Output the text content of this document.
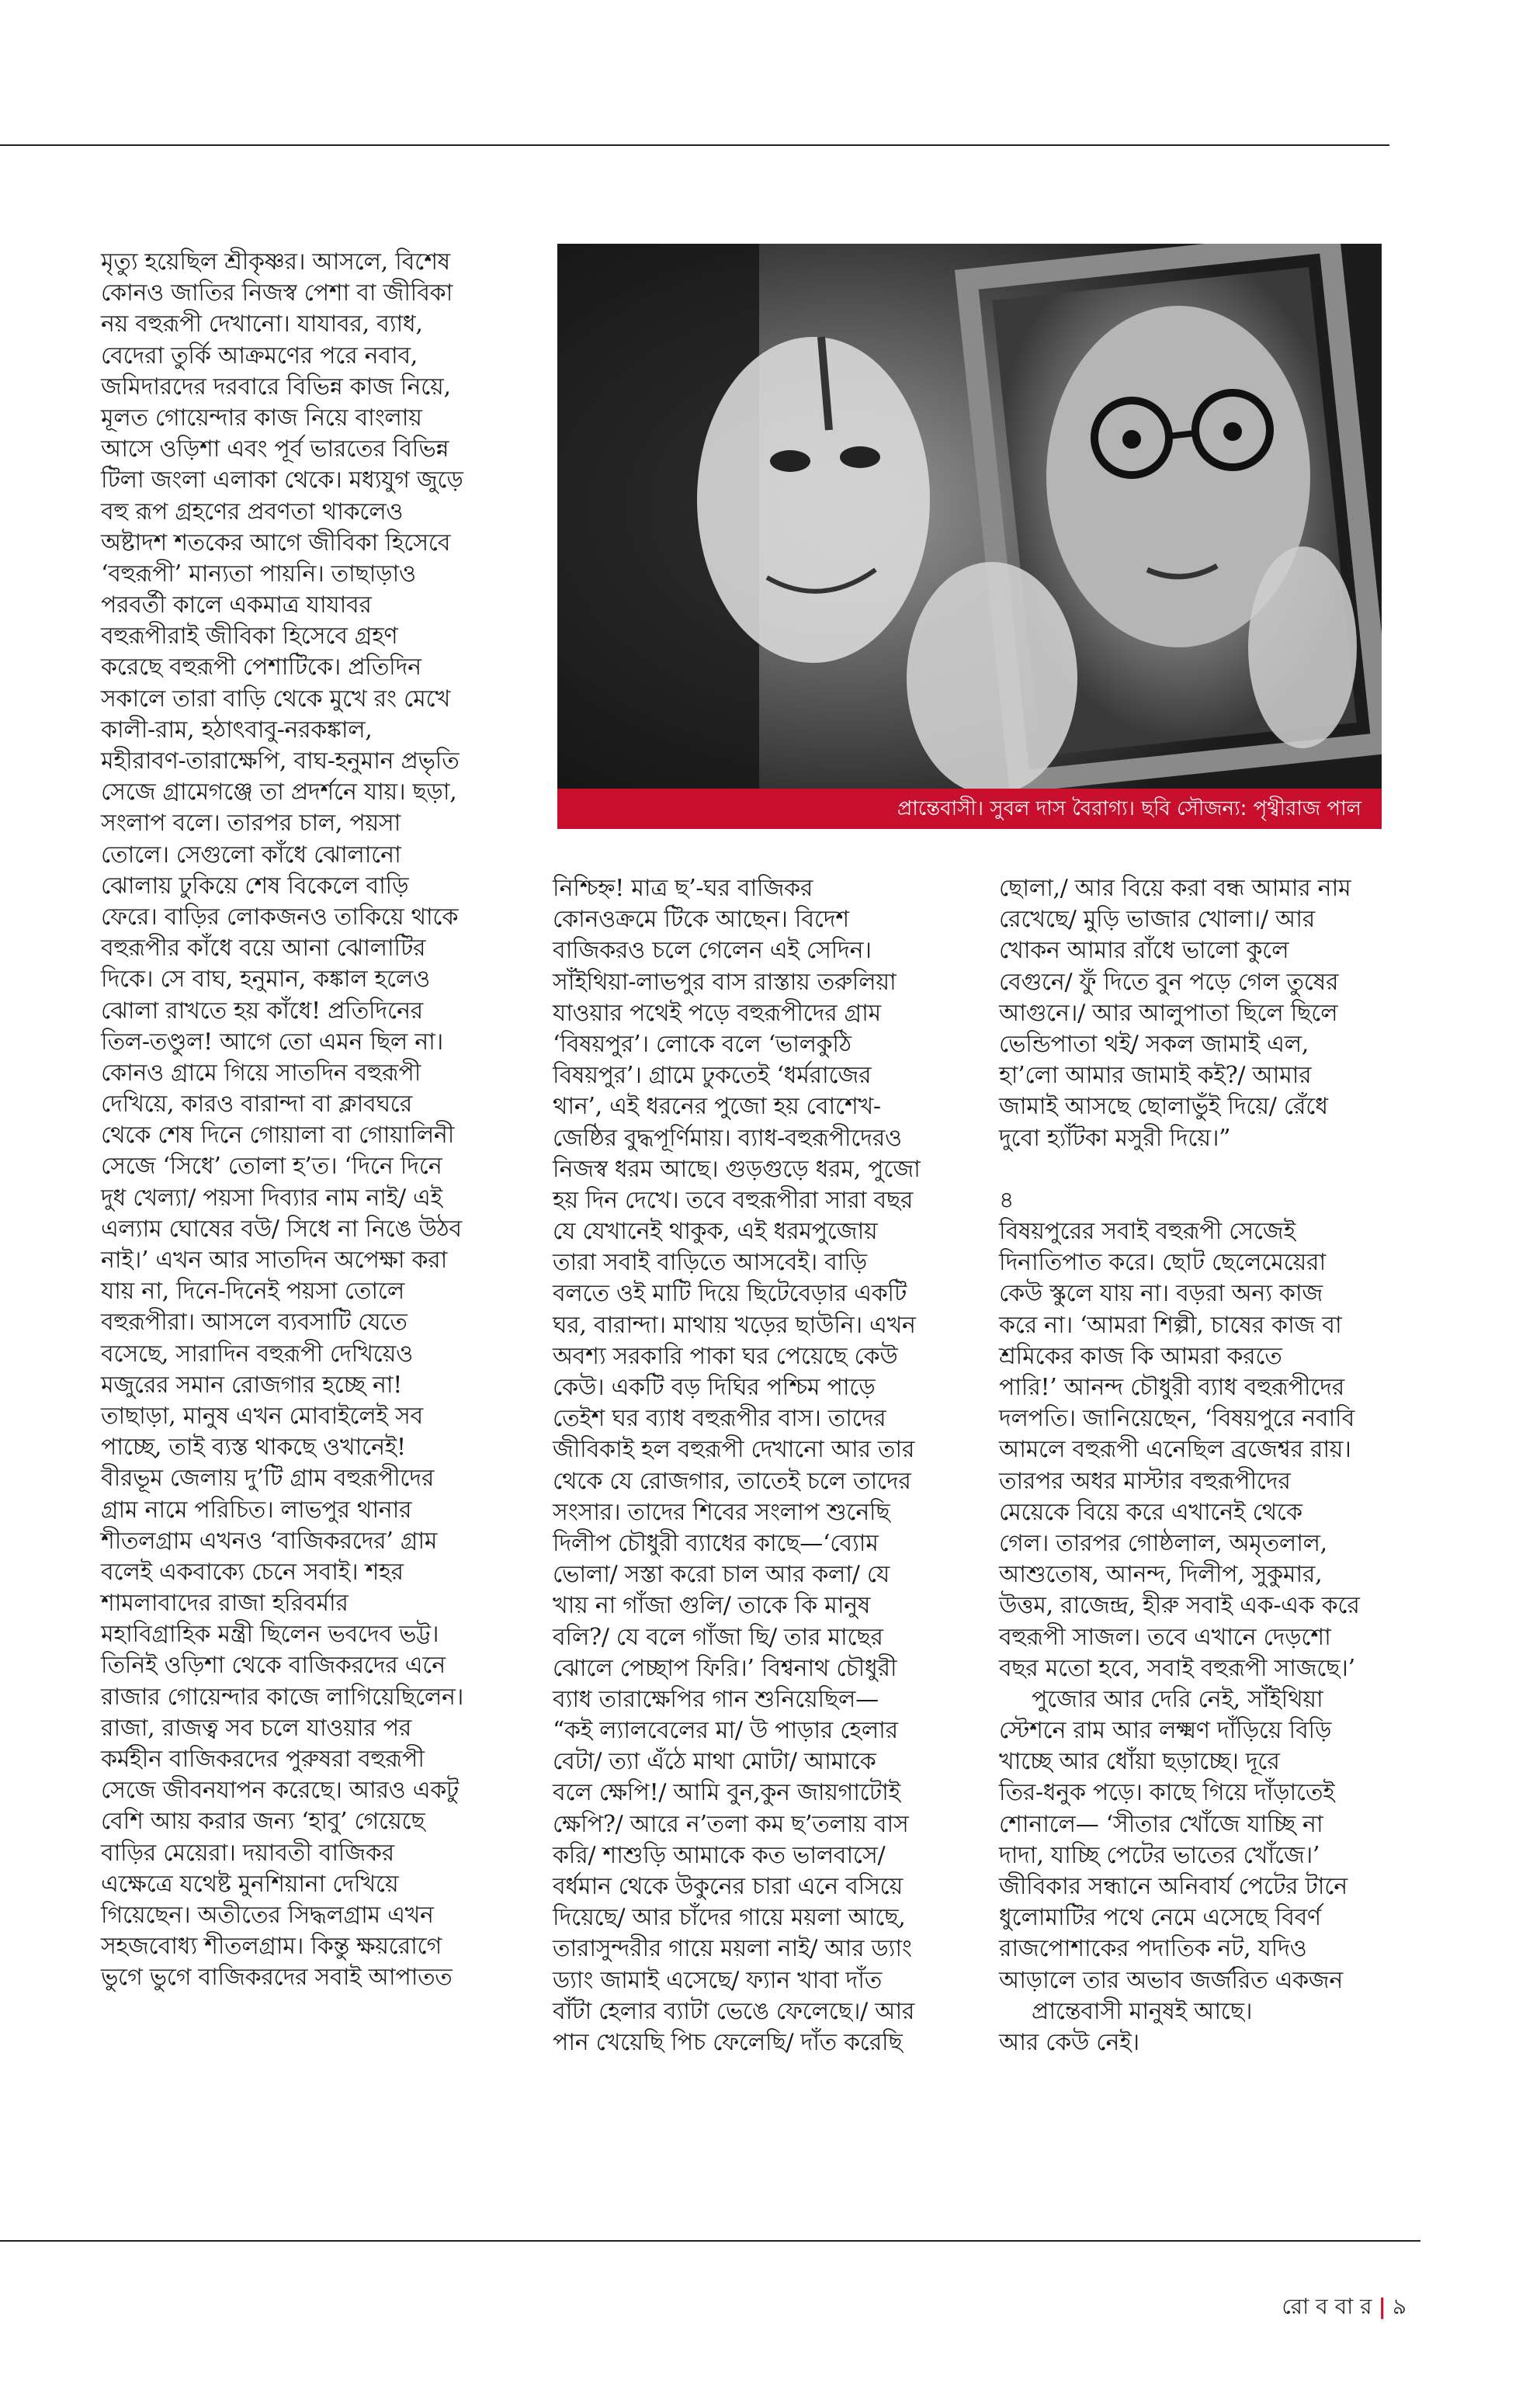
মৃত্যু হয়েছিল শ্রীকৃষ্ণর। আসলে, বিশেষ
কোনও জাতির নিজস্ব পেশা বা জীবিকা
নয় বহুরূপী দেখানো। যাযাবর, ব্যাধ,
বেদেরা তুর্কি আক্রমণের পরে নবাব,
জমিদারদের দরবারে বিভিন্ন কাজ নিয়ে,
মূলত গোয়েন্দার কাজ নিয়ে বাংলায়
আসে ওড়িশা এবং পূর্ব ভারতের বিভিন্ন
টিলা জংলা এলাকা থেকে। মধ্যযুগ জুড়ে
বহু রূপ গ্রহণের প্রবণতা থাকলেও
অষ্টাদশ শতকের আগে জীবিকা হিসেবে
‘বহুরূপী’ মান্যতা পায়নি। তাছাড়াও
পরবর্তী কালে একমাত্র যাযাবর
বহুরূপীরাই জীবিকা হিসেবে গ্রহণ
করেছে বহুরূপী পেশাটিকে। প্রতিদিন
সকালে তারা বাড়ি থেকে মুখে রং মেখে
কালী-রাম, হঠাৎবাবু-নরকঙ্কাল,
মহীরাবণ-তারাক্ষেপি, বাঘ-হনুমান প্রভৃতি
সেজে গ্রামেগঞ্জে তা প্রদর্শনে যায়। ছড়া,
সংলাপ বলে। তারপর চাল, পয়সা
তোলে। সেগুলো কাঁধে ঝোলানো
ঝোলায় ঢুকিয়ে শেষ বিকেলে বাড়ি
ফেরে। বাড়ির লোকজনও তাকিয়ে থাকে
বহুরূপীর কাঁধে বয়ে আনা ঝোলাটির
দিকে। সে বাঘ, হনুমান, কঙ্কাল হলেও
ঝোলা রাখতে হয় কাঁধে! প্রতিদিনের
তিল-তণ্ডুল! আগে তো এমন ছিল না।
কোনও গ্রামে গিয়ে সাতদিন বহুরূপী
দেখিয়ে, কারও বারান্দা বা ক্লাবঘরে
থেকে শেষ দিনে গোয়ালা বা গোয়ালিনী
সেজে ‘সিধে’ তোলা হ’ত। ‘দিনে দিনে
দুধ খেল্যা/ পয়সা দিব্যার নাম নাই/ এই
এল্যাম ঘোষের বউ/ সিধে না নিঙে উঠব
নাই।’ এখন আর সাতদিন অপেক্ষা করা
যায় না, দিনে-দিনেই পয়সা তোলে
বহুরূপীরা। আসলে ব্যবসাটি যেতে
বসেছে, সারাদিন বহুরূপী দেখিয়েও
মজুরের সমান রোজগার হচ্ছে না!
তাছাড়া, মানুষ এখন মোবাইলেই সব
পাচ্ছে, তাই ব্যস্ত থাকছে ওখানেই!
বীরভূম জেলায় দু’টি গ্রাম বহুরূপীদের
গ্রাম নামে পরিচিত। লাভপুর থানার
শীতলগ্রাম এখনও ‘বাজিকরদের’ গ্রাম
বলেই একবাক্যে চেনে সবাই। শহর
শামলাবাদের রাজা হরিবর্মার
মহাবিগ্রাহিক মন্ত্রী ছিলেন ভবদেব ভট্ট।
তিনিই ওড়িশা থেকে বাজিকরদের এনে
রাজার গোয়েন্দার কাজে লাগিয়েছিলেন।
রাজা, রাজত্ব সব চলে যাওয়ার পর
কর্মহীন বাজিকরদের পুরুষরা বহুরূপী
সেজে জীবনযাপন করেছে। আরও একটু
বেশি আয় করার জন্য ‘হাবু’ গেয়েছে
বাড়ির মেয়েরা। দয়াবতী বাজিকর
এক্ষেত্রে যথেষ্ট মুনশিয়ানা দেখিয়ে
গিয়েছেন। অতীতের সিদ্ধলগ্রাম এখন
সহজবোধ্য শীতলগ্রাম। কিন্তু ক্ষয়রোগে
ভুগে ভুগে বাজিকরদের সবাই আপাতত
প্রান্তেবাসী। সুবল দাস বৈরাগ্য। ছবি সৌজন্য: পৃথ্বীরাজ পাল
নিশ্চিহ্ন! মাত্র ছ’-ঘর বাজিকর
কোনওক্রমে টিকে আছেন। বিদেশ
বাজিকরও চলে গেলেন এই সেদিন।
সাঁইথিয়া-লাভপুর বাস রাস্তায় তরুলিয়া
যাওয়ার পথেই পড়ে বহুরূপীদের গ্রাম
‘বিষয়পুর’। লোকে বলে ‘ভালকুঠি
বিষয়পুর’। গ্রামে ঢুকতেই ‘ধর্মরাজের
থান’, এই ধরনের পুজো হয় বোশেখ-
জেষ্ঠির বুদ্ধপূর্ণিমায়। ব্যাধ-বহুরূপীদেরও
নিজস্ব ধরম আছে। গুড়গুড়ে ধরম, পুজো
হয় দিন দেখে। তবে বহুরূপীরা সারা বছর
যে যেখানেই থাকুক, এই ধরমপুজোয়
তারা সবাই বাড়িতে আসবেই। বাড়ি
বলতে ওই মাটি দিয়ে ছিটেবেড়ার একটি
ঘর, বারান্দা। মাথায় খড়ের ছাউনি। এখন
অবশ্য সরকারি পাকা ঘর পেয়েছে কেউ
কেউ। একটি বড় দিঘির পশ্চিম পাড়ে
তেইশ ঘর ব্যাধ বহুরূপীর বাস। তাদের
জীবিকাই হল বহুরূপী দেখানো আর তার
থেকে যে রোজগার, তাতেই চলে তাদের
সংসার। তাদের শিবের সংলাপ শুনেছি
দিলীপ চৌধুরী ব্যাধের কাছে—‘ব্যোম
ভোলা/ সস্তা করো চাল আর কলা/ যে
খায় না গাঁজা গুলি/ তাকে কি মানুষ
বলি?/ যে বলে গাঁজা ছি/ তার মাছের
ঝোলে পেচ্ছাপ ফিরি।’ বিশ্বনাথ চৌধুরী
ব্যাধ তারাক্ষেপির গান শুনিয়েছিল—
“কই ল্যালবেলের মা/ উ পাড়ার হেলার
বেটা/ ত্যা এঁঠে মাথা মোটা/ আমাকে
বলে ক্ষেপি!/ আমি বুন,কুন জায়গাটোই
ক্ষেপি?/ আরে ন’তলা কম ছ’তলায় বাস
করি/ শাশুড়ি আমাকে কত ভালবাসে/
বর্ধমান থেকে উকুনের চারা এনে বসিয়ে
দিয়েছে/ আর চাঁদের গায়ে ময়লা আছে,
তারাসুন্দরীর গায়ে ময়লা নাই/ আর ড্যাং
ড্যাং জামাই এসেছে/ ফ্যান খাবা দাঁত
বাঁটা হেলার ব্যাটা ভেঙে ফেলেছে।/ আর
পান খেয়েছি পিচ ফেলেছি/ দাঁত করেছি
ছোলা,/ আর বিয়ে করা বন্ধ আমার নাম
রেখেছে/ মুড়ি ভাজার খোলা।/ আর
খোকন আমার রাঁধে ভালো কুলে
বেগুনে/ ফুঁ দিতে বুন পড়ে গেল তুষের
আগুনে।/ আর আলুপাতা ছিলে ছিলে
ভেন্ডিপাতা থই/ সকল জামাই এল,
হা’লো আমার জামাই কই?/ আমার
জামাই আসছে ছোলাভুঁই দিয়ে/ রেঁধে
দুবো হ্যাঁটকা মসুরী দিয়ে।”
৪
বিষয়পুরের সবাই বহুরূপী সেজেই
দিনাতিপাত করে। ছোট ছেলেমেয়েরা
কেউ স্কুলে যায় না। বড়রা অন্য কাজ
করে না। ‘আমরা শিল্পী, চাষের কাজ বা
শ্রমিকের কাজ কি আমরা করতে
পারি!’ আনন্দ চৌধুরী ব্যাধ বহুরূপীদের
দলপতি। জানিয়েছেন, ‘বিষয়পুরে নবাবি
আমলে বহুরূপী এনেছিল ব্রজেশ্বর রায়।
তারপর অধর মাস্টার বহুরূপীদের
মেয়েকে বিয়ে করে এখানেই থেকে
গেল। তারপর গোষ্ঠলাল, অমৃতলাল,
আশুতোষ, আনন্দ, দিলীপ, সুকুমার,
উত্তম, রাজেন্দ্র, হীরু সবাই এক-এক করে
বহুরূপী সাজল। তবে এখানে দেড়শো
বছর মতো হবে, সবাই বহুরূপী সাজছে।’
পুজোর আর দেরি নেই, সাঁইথিয়া
স্টেশনে রাম আর লক্ষ্মণ দাঁড়িয়ে বিড়ি
খাচ্ছে আর ধোঁয়া ছড়াচ্ছে। দূরে
তির-ধনুক পড়ে। কাছে গিয়ে দাঁড়াতেই
শোনালে— ‘সীতার খোঁজে যাচ্ছি না
দাদা, যাচ্ছি পেটের ভাতের খোঁজে।’
জীবিকার সন্ধানে অনিবার্য পেটের টানে
ধুলোমাটির পথে নেমে এসেছে বিবর্ণ
রাজপোশাকের পদাতিক নট, যদিও
আড়ালে তার অভাব জর্জরিত একজন
প্রান্তেবাসী মানুষই আছে।
আর কেউ নেই।
রো ব বা র | ৯
